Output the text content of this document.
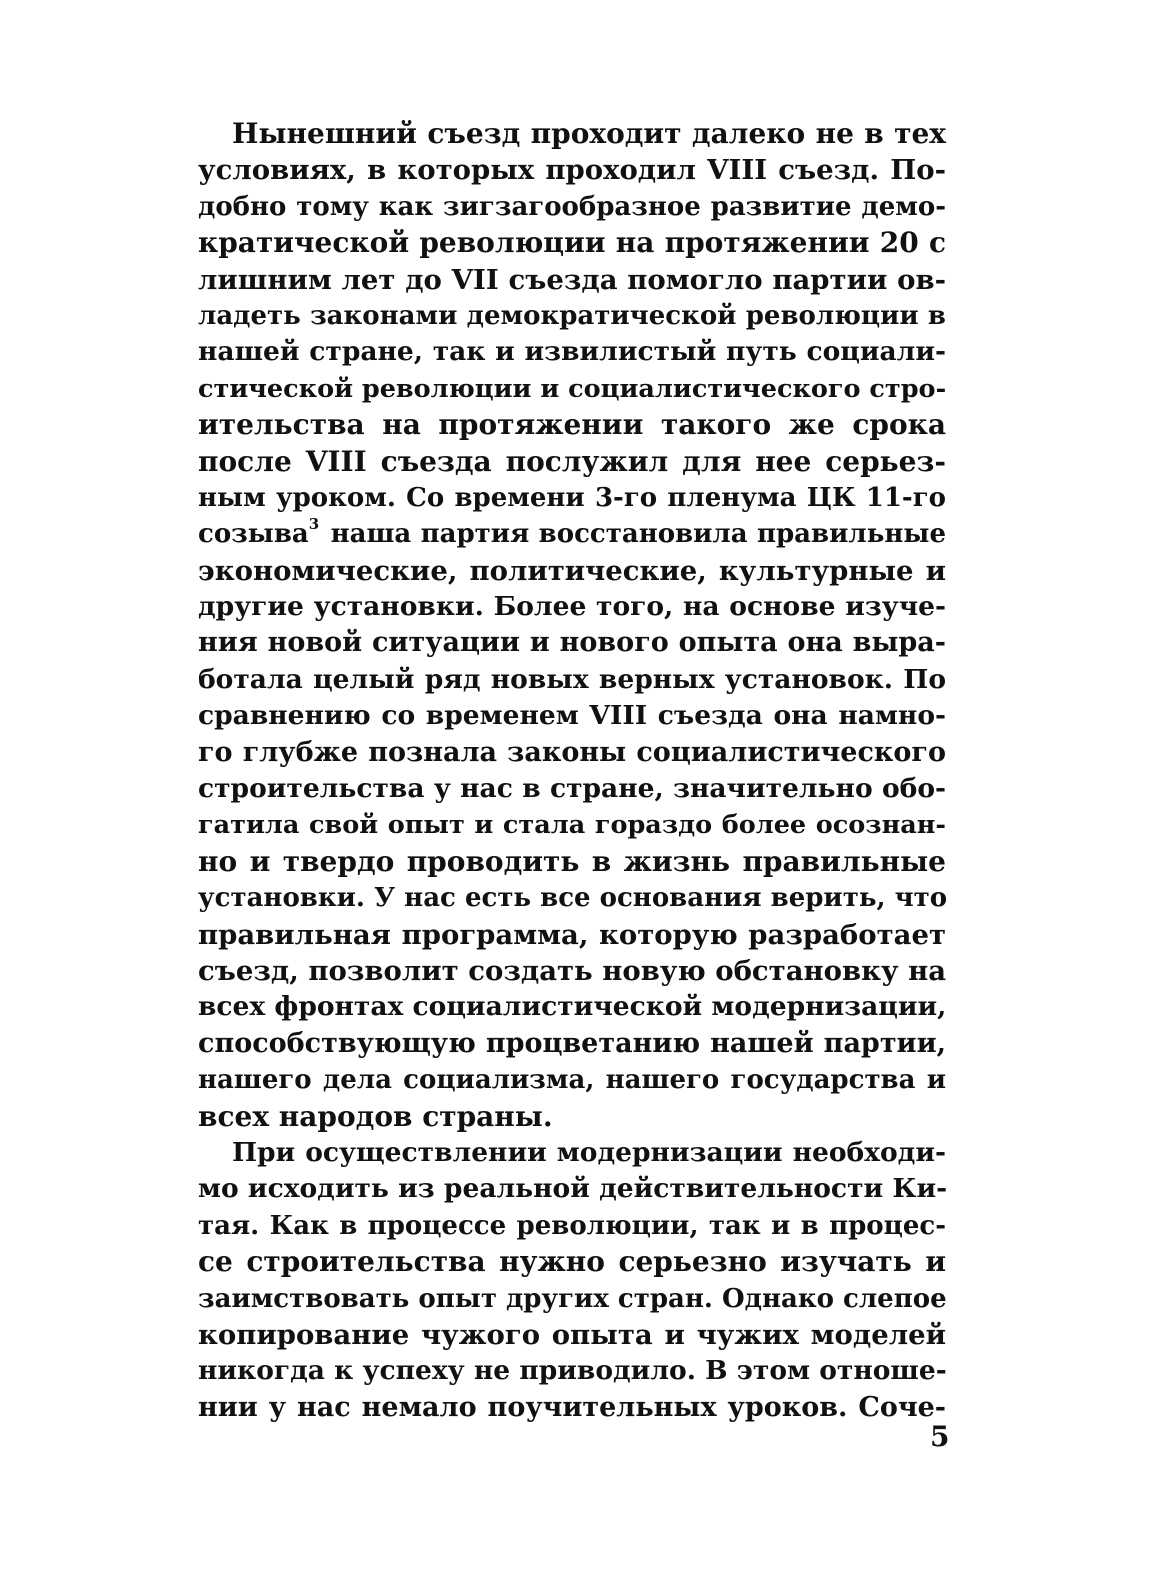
Нынешний съезд проходит далеко не в тех
условиях, в которых проходил VIII съезд. По-
добно тому как зигзагообразное развитие демо-
кратической революции на протяжении 20 с
лишним лет до VII съезда помогло партии ов-
ладеть законами демократической революции в
нашей стране, так и извилистый путь социали-
стической революции и социалистического стро-
ительства на протяжении такого же срока
после VIII съезда послужил для нее серьез-
ным уроком. Со времени 3-го пленума ЦК 11-го
созыва$^3$ наша партия восстановила правильные
экономические, политические, культурные и
другие установки. Более того, на основе изуче-
ния новой ситуации и нового опыта она выра-
ботала целый ряд новых верных установок. По
сравнению со временем VIII съезда она намно-
го глубже познала законы социалистического
строительства у нас в стране, значительно обо-
гатила свой опыт и стала гораздо более осознан-
но и твердо проводить в жизнь правильные
установки. У нас есть все основания верить, что
правильная программа, которую разработает
съезд, позволит создать новую обстановку на
всех фронтах социалистической модернизации,
способствующую процветанию нашей партии,
нашего дела социализма, нашего государства и
всех народов страны.
При осуществлении модернизации необходи-
мо исходить из реальной действительности Ки-
тая. Как в процессе революции, так и в процес-
се строительства нужно серьезно изучать и
заимствовать опыт других стран. Однако слепое
копирование чужого опыта и чужих моделей
никогда к успеху не приводило. В этом отноше-
нии у нас немало поучительных уроков. Соче-
5
